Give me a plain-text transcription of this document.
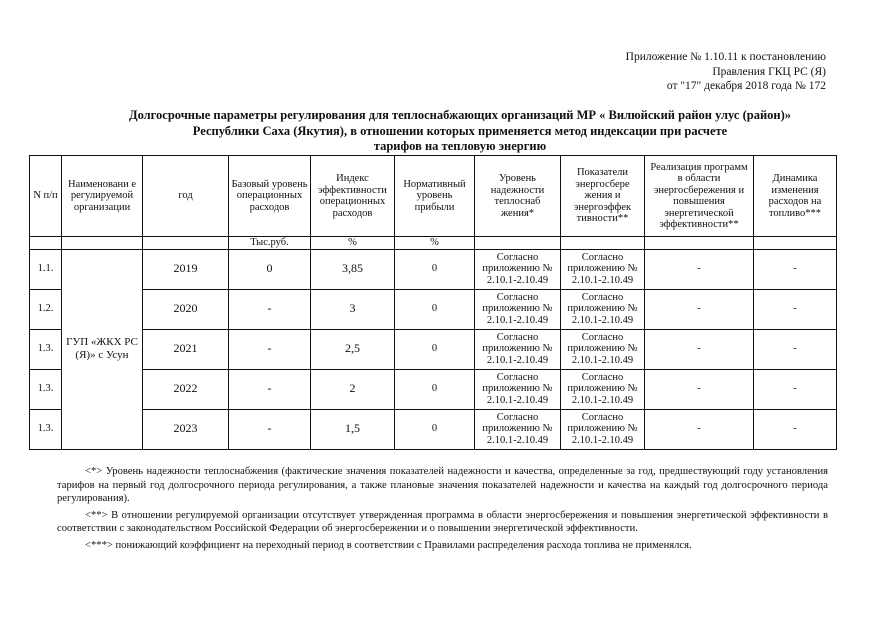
Приложение № 1.10.11 к постановлению
Правления ГКЦ РС (Я)
от "17" декабря 2018 года № 172
Долгосрочные параметры регулирования для теплоснабжающих организаций МР « Вилюйский район улус (район)»
Республики Саха (Якутия), в отношении которых применяется метод индексации при расчете
тарифов на тепловую энергию
N п/п	Наименовани е регулируемой организации	год	Базовый уровень операционных расходов	Индекс эффективности операционных расходов	Нормативный уровень прибыли	Уровень надежности теплоснаб жения*	Показатели энергосбере жения и энергоэффек тивности**	Реализация программ в области энергосбережения и повышения энергетической эффективности**	Динамика изменения расходов на топливо***
			Тыс.руб.	%	%				
1.1.	ГУП «ЖКХ РС (Я)» с Усун	2019	0	3,85	0	Согласно приложению № 2.10.1-2.10.49	Согласно приложению № 2.10.1-2.10.49	-	-
1.2.		2020	-	3	0	Согласно приложению № 2.10.1-2.10.49	Согласно приложению № 2.10.1-2.10.49	-	-
1.3.		2021	-	2,5	0	Согласно приложению № 2.10.1-2.10.49	Согласно приложению № 2.10.1-2.10.49	-	-
1.3.		2022	-	2	0	Согласно приложению № 2.10.1-2.10.49	Согласно приложению № 2.10.1-2.10.49	-	-
1.3.		2023	-	1,5	0	Согласно приложению № 2.10.1-2.10.49	Согласно приложению № 2.10.1-2.10.49	-	-

<*> Уровень надежности теплоснабжения (фактические значения показателей надежности и качества, определенные за год, предшествующий году установления тарифов на первый год долгосрочного периода регулирования, а также плановые значения показателей надежности и качества на каждый год долгосрочного периода регулирования).

<**> В отношении регулируемой организации отсутствует утвержденная программа в области энергосбережения и повышения энергетической эффективности в соответствии с законодательством Российской Федерации об энергосбережении и о повышении энергетической эффективности.

<***> понижающий коэффициент на переходный период в соответствии с Правилами распределения расхода топлива не применялся.
